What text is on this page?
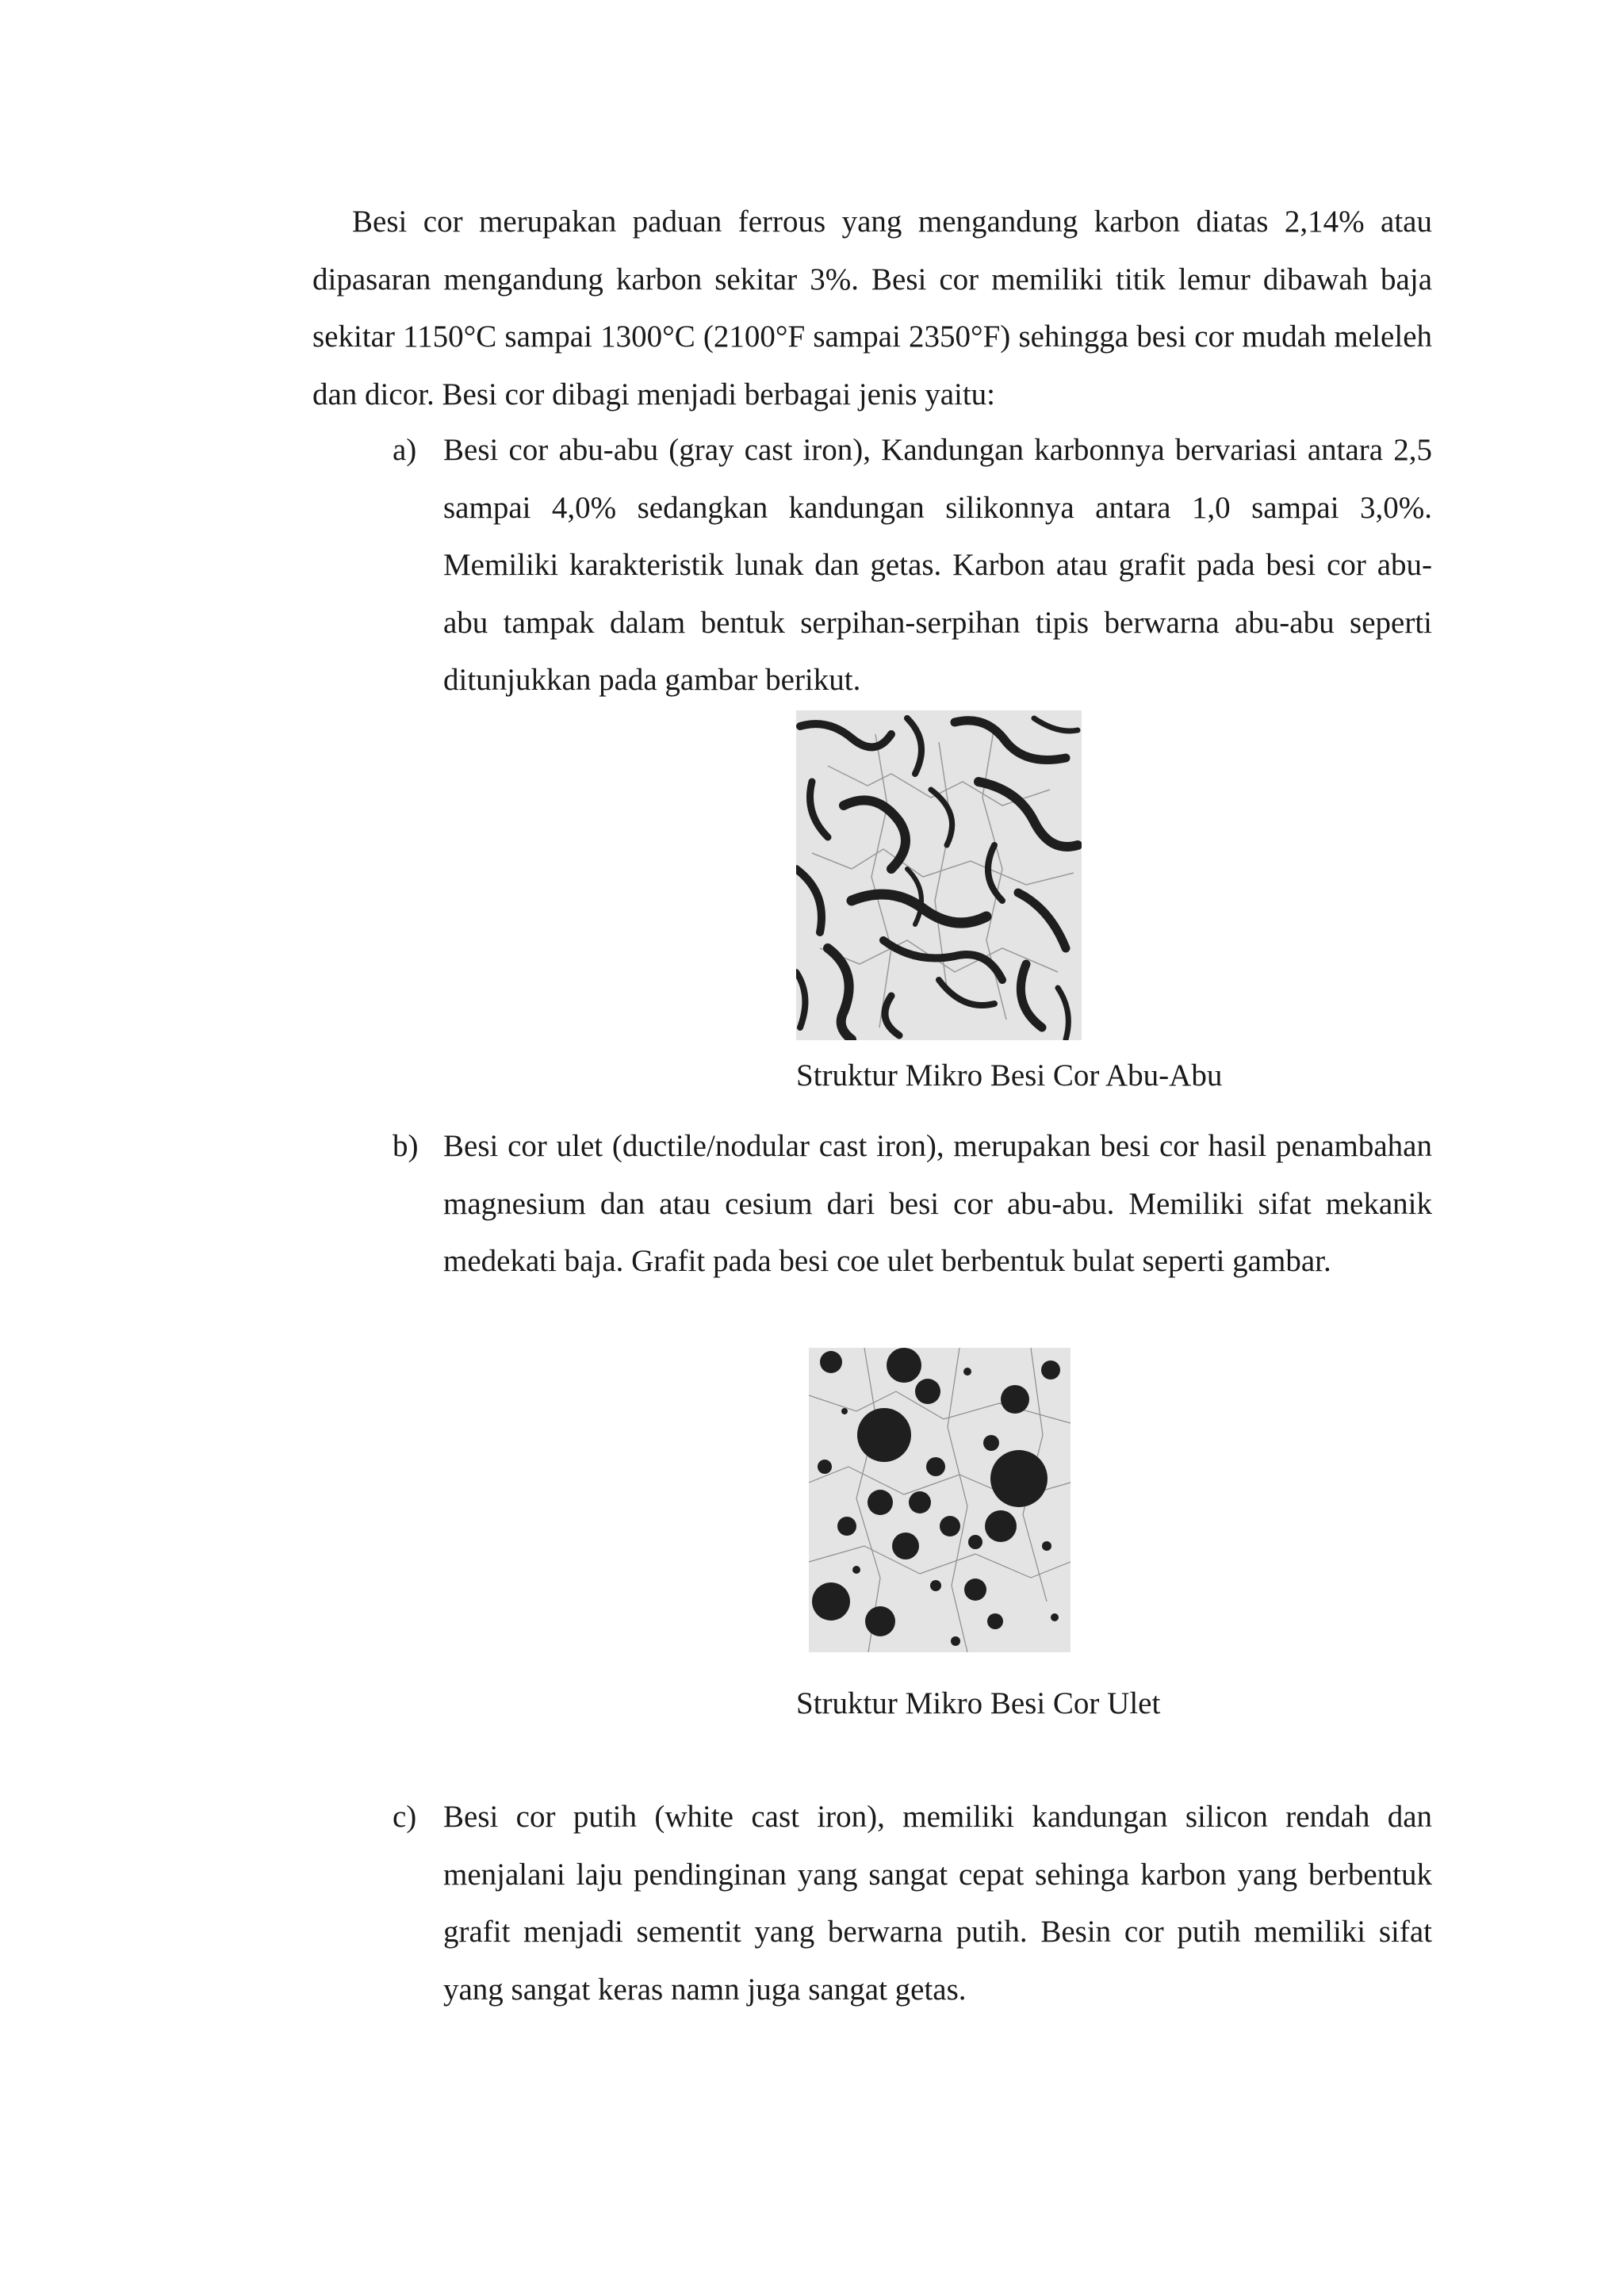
Besi cor merupakan paduan ferrous yang mengandung karbon diatas 2,14% atau dipasaran mengandung karbon sekitar 3%. Besi cor memiliki titik lemur dibawah baja sekitar 1150°C sampai 1300°C (2100°F sampai 2350°F) sehingga besi cor mudah meleleh dan dicor. Besi cor dibagi menjadi berbagai jenis yaitu:

a) Besi cor abu-abu (gray cast iron), Kandungan karbonnya bervariasi antara 2,5 sampai 4,0% sedangkan kandungan silikonnya antara 1,0 sampai 3,0%. Memiliki karakteristik lunak dan getas. Karbon atau grafit pada besi cor abu-abu tampak dalam bentuk serpihan-serpihan tipis berwarna abu-abu seperti ditunjukkan pada gambar berikut.
Struktur Mikro Besi Cor Abu-Abu
b) Besi cor ulet (ductile/nodular cast iron), merupakan besi cor hasil penambahan magnesium dan atau cesium dari besi cor abu-abu. Memiliki sifat mekanik medekati baja. Grafit pada besi coe ulet berbentuk bulat seperti gambar.
Struktur Mikro Besi Cor Ulet
c) Besi cor putih (white cast iron), memiliki kandungan silicon rendah dan menjalani laju pendinginan yang sangat cepat sehinga karbon yang berbentuk grafit menjadi sementit yang berwarna putih. Besin cor putih memiliki sifat yang sangat keras namn juga sangat getas.
